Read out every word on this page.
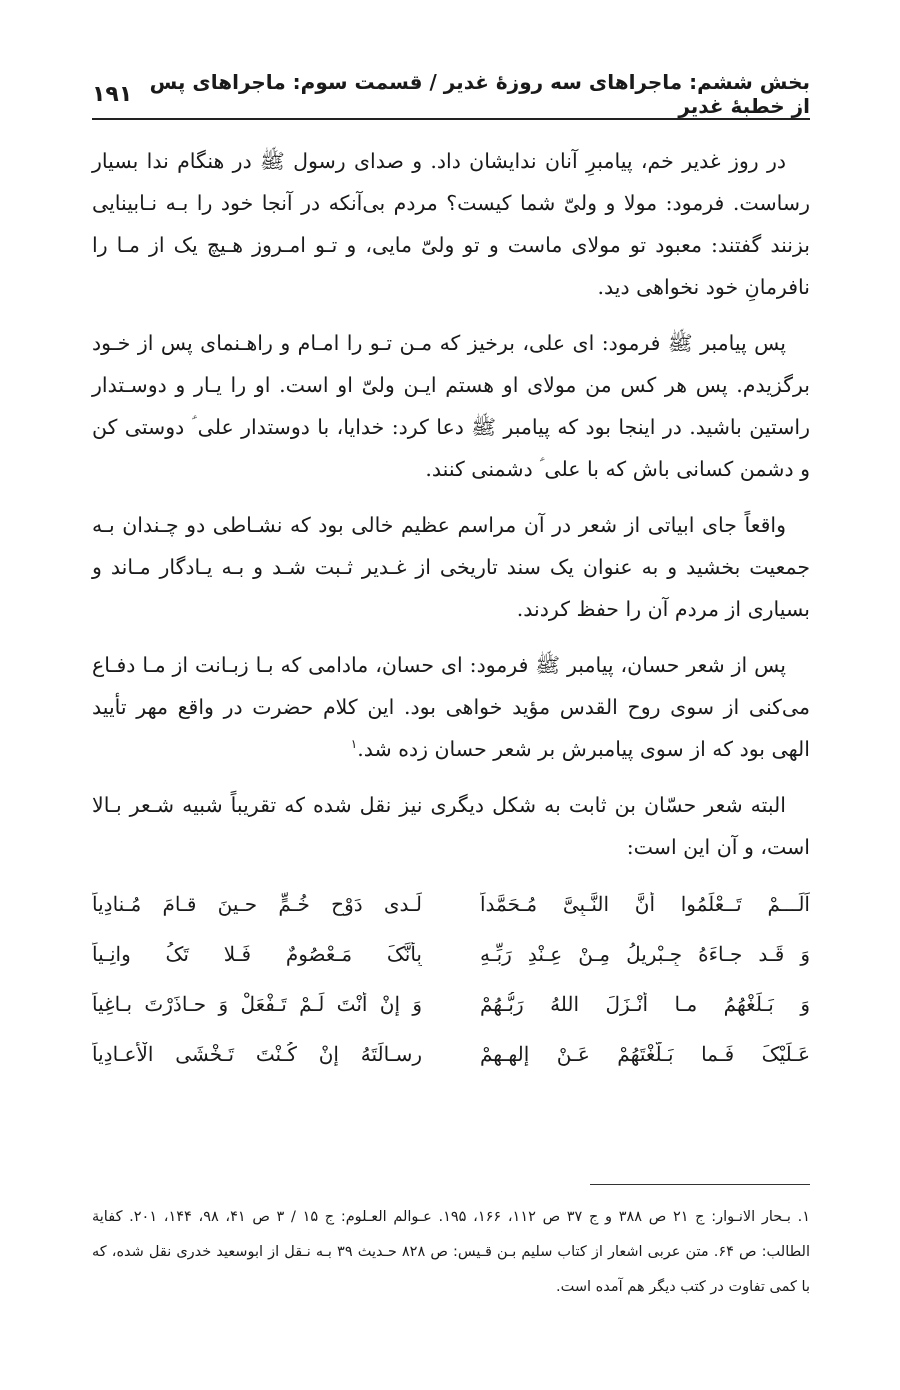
بخش ششم: ماجراهای سه روزهٔ غدیر / قسمت سوم: ماجراهای پس از خطبهٔ غدیر
۱۹۱

در روز غدیر خم، پیامبرِ آنان ندایشان داد. و صدای رسول ﷺ در هنگام ندا بسیار رساست. فرمود: مولا و ولیّ شما کیست؟ مردم بی‌آنکه در آنجا خود را بـه نـابینایی بزنند گفتند: معبود تو مولای ماست و تو ولیّ مایی، و تـو امـروز هـیچ یک از مـا را نافرمانِ خود نخواهی دید.

پس پیامبر ﷺ فرمود: ای علی، برخیز که مـن تـو را امـام و راهـنمای پس از خـود برگزیدم. پس هر کس من مولای او هستم ایـن ولیّ او است. او را یـار و دوسـتدار راستین باشید. در اینجا بود که پیامبر ﷺ دعا کرد: خدایا، با دوستدار علی ؑ دوستی کن و دشمن کسانی باش که با علی ؑ دشمنی کنند.

واقعاً جای ابیاتی از شعر در آن مراسم عظیم خالی بود که نشـاطی دو چـندان بـه جمعیت بخشید و به عنوان یک سند تاریخی از غـدیر ثـبت شـد و بـه یـادگار مـاند و بسیاری از مردم آن را حفظ کردند.

پس از شعر حسان، پیامبر ﷺ فرمود: ای حسان، مادامی که بـا زبـانت از مـا دفـاع می‌کنی از سوی روح القدس مؤید خواهی بود. این کلام حضرت در واقع مهر تأیید الهی بود که از سوی پیامبرش بر شعر حسان زده شد.$^۱$

البته شعر حسّان بن ثابت به شکل دیگری نیز نقل شده که تقریباً شبیه شـعر بـالا است، و آن این است:

اَلَـــمْ تَــعْلَمُوا أَنَّ النَّـبِیَّ مُـحَمَّداً
لَـدی دَوْحِ خُـمٍّ حـینَ قـامَ مُـنادِیاً
وَ قَـد جـاءَهُ جِـبْرِیلُ مِـنْ عِـنْدِ رَبِّـهِ
بِأَنَّکَ مَـعْصُومٌ فَـلا تَکُ وانِـیاً
وَ بَـلِّغْهُمُ مـا أَنْـزَلَ اللهُ رَبُّـهُمْ
وَ إِنْ أَنْتَ لَـمْ تَـفْعَلْ وَ حـاذَرْتَ بـاغِیاً
عَـلَیْکَ فَـما بَـلَّغْتَهُمْ عَـنْ إِلهِـهِمْ
رِسـالَتَهُ إِنْ کُـنْتَ تَـخْشَی الْأَعـادِیاً

۱. بـحار الانـوار: ج ۲۱ ص ۳۸۸ و ج ۳۷ ص ۱۱۲، ۱۶۶، ۱۹۵. عـوالم العـلوم: ج ۱۵ / ۳ ص ۴۱، ۹۸، ۱۴۴، ۲۰۱. کفایة الطالب: ص ۶۴. متن عربی اشعار از کتاب سلیم بـن قـیس: ص ۸۲۸ حـدیث ۳۹ بـه نـقل از ابوسعید خدری نقل شده، که با کمی تفاوت در کتب دیگر هم آمده است.
